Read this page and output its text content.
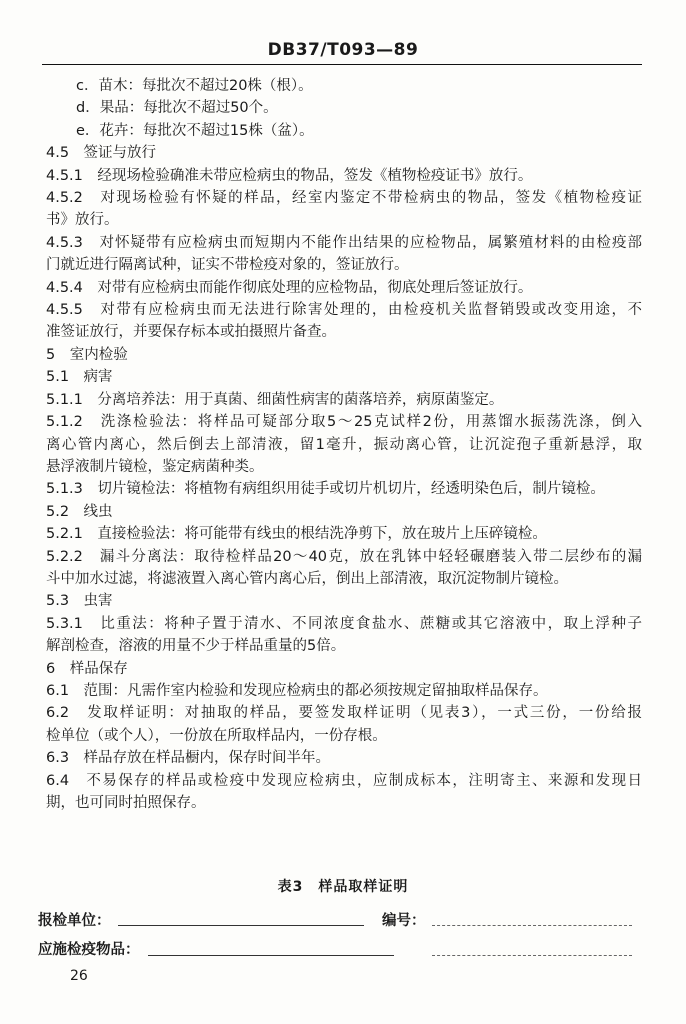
DB37/T093—89
c．苗木：每批次不超过20株（根）。
d．果品：每批次不超过50个。
e．花卉：每批次不超过15株（盆）。
4.5　签证与放行
4.5.1　经现场检验确准未带应检病虫的物品，签发《植物检疫证书》放行。
4.5.2　对现场检验有怀疑的样品，经室内鉴定不带检病虫的物品，签发《植物检疫证
书》放行。
4.5.3　对怀疑带有应检病虫而短期内不能作出结果的应检物品，属繁殖材料的由检疫部
门就近进行隔离试种，证实不带检疫对象的，签证放行。
4.5.4　对带有应检病虫而能作彻底处理的应检物品，彻底处理后签证放行。
4.5.5　对带有应检病虫而无法进行除害处理的，由检疫机关监督销毁或改变用途，不
准签证放行，并要保存标本或拍摄照片备查。
5　室内检验
5.1　病害
5.1.1　分离培养法：用于真菌、细菌性病害的菌落培养，病原菌鉴定。
5.1.2　洗涤检验法：将样品可疑部分取5～25克试样2份，用蒸馏水振荡洗涤，倒入
离心管内离心，然后倒去上部清液，留1毫升，振动离心管，让沉淀孢子重新悬浮，取
悬浮液制片镜检，鉴定病菌种类。
5.1.3　切片镜检法：将植物有病组织用徒手或切片机切片，经透明染色后，制片镜检。
5.2　线虫
5.2.1　直接检验法：将可能带有线虫的根结洗净剪下，放在玻片上压碎镜检。
5.2.2　漏斗分离法：取待检样品20～40克，放在乳钵中轻轻碾磨装入带二层纱布的漏
斗中加水过滤，将滤液置入离心管内离心后，倒出上部清液，取沉淀物制片镜检。
5.3　虫害
5.3.1　比重法：将种子置于清水、不同浓度食盐水、蔗糖或其它溶液中，取上浮种子
解剖检查，溶液的用量不少于样品重量的5倍。
6　样品保存
6.1　范围：凡需作室内检验和发现应检病虫的都必须按规定留抽取样品保存。
6.2　发取样证明：对抽取的样品，要签发取样证明（见表3），一式三份，一份给报
检单位（或个人），一份放在所取样品内，一份存根。
6.3　样品存放在样品橱内，保存时间半年。
6.4　不易保存的样品或检疫中发现应检病虫，应制成标本，注明寄主、来源和发现日
期，也可同时拍照保存。
表3　样品取样证明
报检单位：	编号：
应施检疫物品：
26
